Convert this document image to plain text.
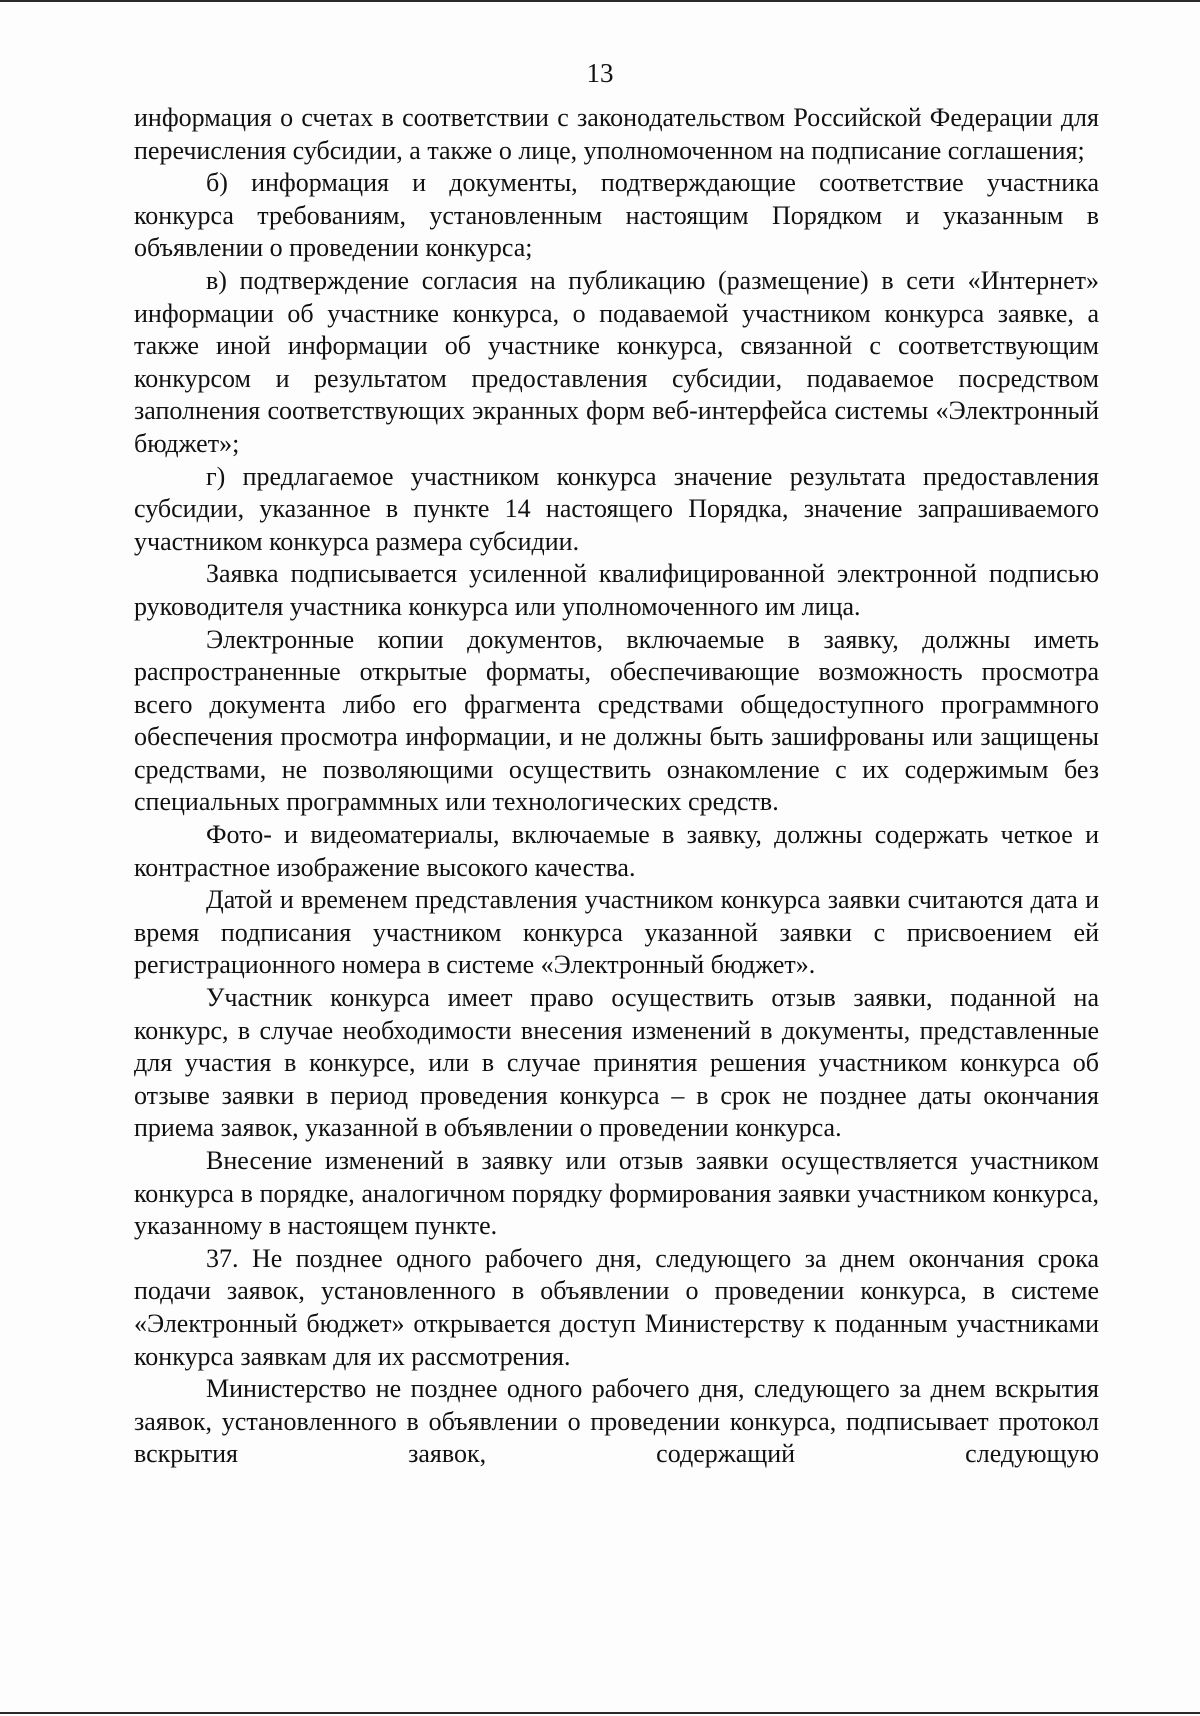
13

информация о счетах в соответствии с законодательством Российской Федерации для перечисления субсидии, а также о лице, уполномоченном на подписание соглашения;

б) информация и документы, подтверждающие соответствие участника конкурса требованиям, установленным настоящим Порядком и указанным в объявлении о проведении конкурса;

в) подтверждение согласия на публикацию (размещение) в сети «Интернет» информации об участнике конкурса, о подаваемой участником конкурса заявке, а также иной информации об участнике конкурса, связанной с соответствующим конкурсом и результатом предоставления субсидии, подаваемое посредством заполнения соответствующих экранных форм веб-интерфейса системы «Электронный бюджет»;

г) предлагаемое участником конкурса значение результата предоставления субсидии, указанное в пункте 14 настоящего Порядка, значение запрашиваемого участником конкурса размера субсидии.

Заявка подписывается усиленной квалифицированной электронной подписью руководителя участника конкурса или уполномоченного им лица.

Электронные копии документов, включаемые в заявку, должны иметь распространенные открытые форматы, обеспечивающие возможность просмотра всего документа либо его фрагмента средствами общедоступного программного обеспечения просмотра информации, и не должны быть зашифрованы или защищены средствами, не позволяющими осуществить ознакомление с их содержимым без специальных программных или технологических средств.

Фото- и видеоматериалы, включаемые в заявку, должны содержать четкое и контрастное изображение высокого качества.

Датой и временем представления участником конкурса заявки считаются дата и время подписания участником конкурса указанной заявки с присвоением ей регистрационного номера в системе «Электронный бюджет».

Участник конкурса имеет право осуществить отзыв заявки, поданной на конкурс, в случае необходимости внесения изменений в документы, представленные для участия в конкурсе, или в случае принятия решения участником конкурса об отзыве заявки в период проведения конкурса – в срок не позднее даты окончания приема заявок, указанной в объявлении о проведении конкурса.

Внесение изменений в заявку или отзыв заявки осуществляется участником конкурса в порядке, аналогичном порядку формирования заявки участником конкурса, указанному в настоящем пункте.

37. Не позднее одного рабочего дня, следующего за днем окончания срока подачи заявок, установленного в объявлении о проведении конкурса, в системе «Электронный бюджет» открывается доступ Министерству к поданным участниками конкурса заявкам для их рассмотрения.

Министерство не позднее одного рабочего дня, следующего за днем вскрытия заявок, установленного в объявлении о проведении конкурса, подписывает протокол вскрытия заявок, содержащий следующую
